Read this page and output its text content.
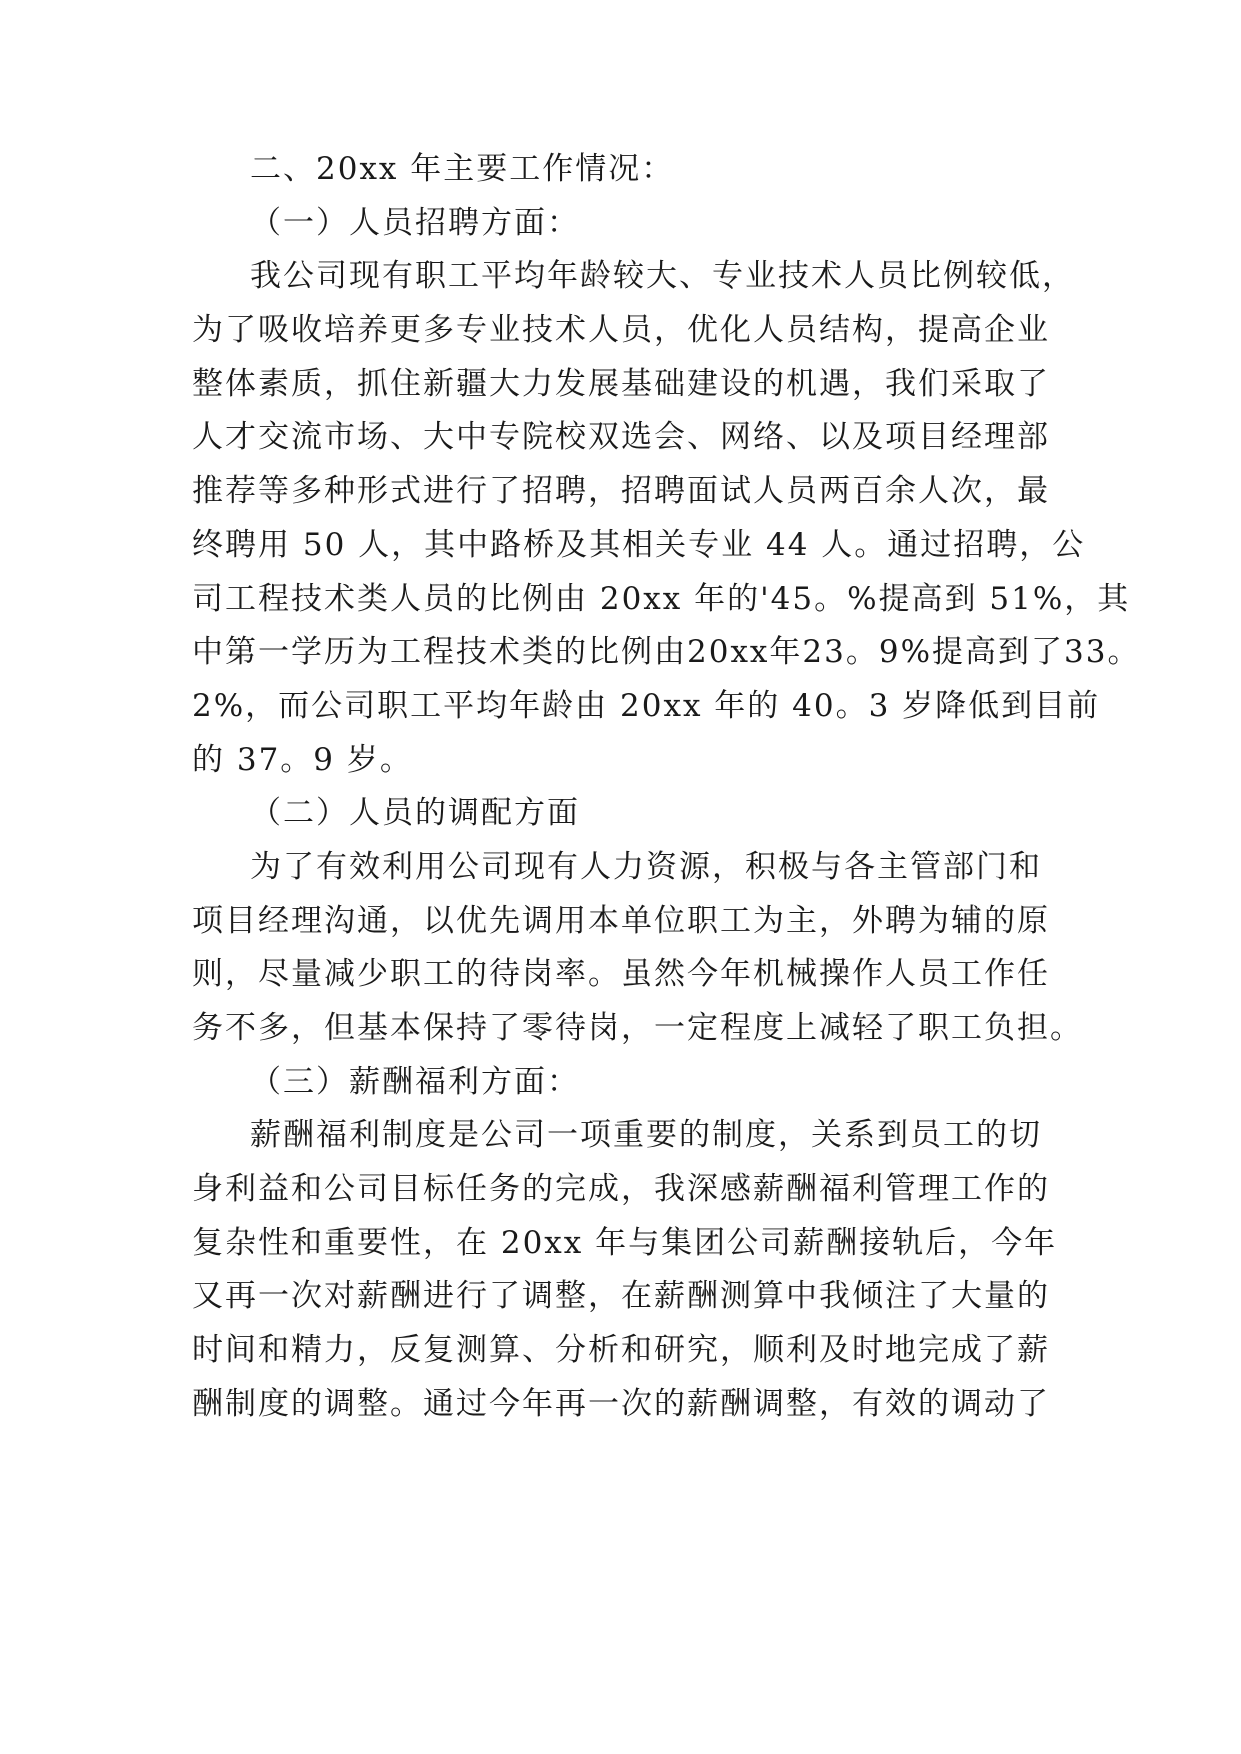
二、20xx 年主要工作情况：
（一）人员招聘方面：
我公司现有职工平均年龄较大、专业技术人员比例较低，
为了吸收培养更多专业技术人员，优化人员结构，提高企业
整体素质，抓住新疆大力发展基础建设的机遇，我们采取了
人才交流市场、大中专院校双选会、网络、以及项目经理部
推荐等多种形式进行了招聘，招聘面试人员两百余人次，最
终聘用 50 人，其中路桥及其相关专业 44 人。通过招聘，公
司工程技术类人员的比例由 20xx 年的'45。%提高到 51%，其
中第一学历为工程技术类的比例由20xx年23。9%提高到了33。
2%，而公司职工平均年龄由 20xx 年的 40。3 岁降低到目前
的 37。9 岁。
（二）人员的调配方面
为了有效利用公司现有人力资源，积极与各主管部门和
项目经理沟通，以优先调用本单位职工为主，外聘为辅的原
则，尽量减少职工的待岗率。虽然今年机械操作人员工作任
务不多，但基本保持了零待岗，一定程度上减轻了职工负担。
（三）薪酬福利方面：
薪酬福利制度是公司一项重要的制度，关系到员工的切
身利益和公司目标任务的完成，我深感薪酬福利管理工作的
复杂性和重要性，在 20xx 年与集团公司薪酬接轨后，今年
又再一次对薪酬进行了调整，在薪酬测算中我倾注了大量的
时间和精力，反复测算、分析和研究，顺利及时地完成了薪
酬制度的调整。通过今年再一次的薪酬调整，有效的调动了
